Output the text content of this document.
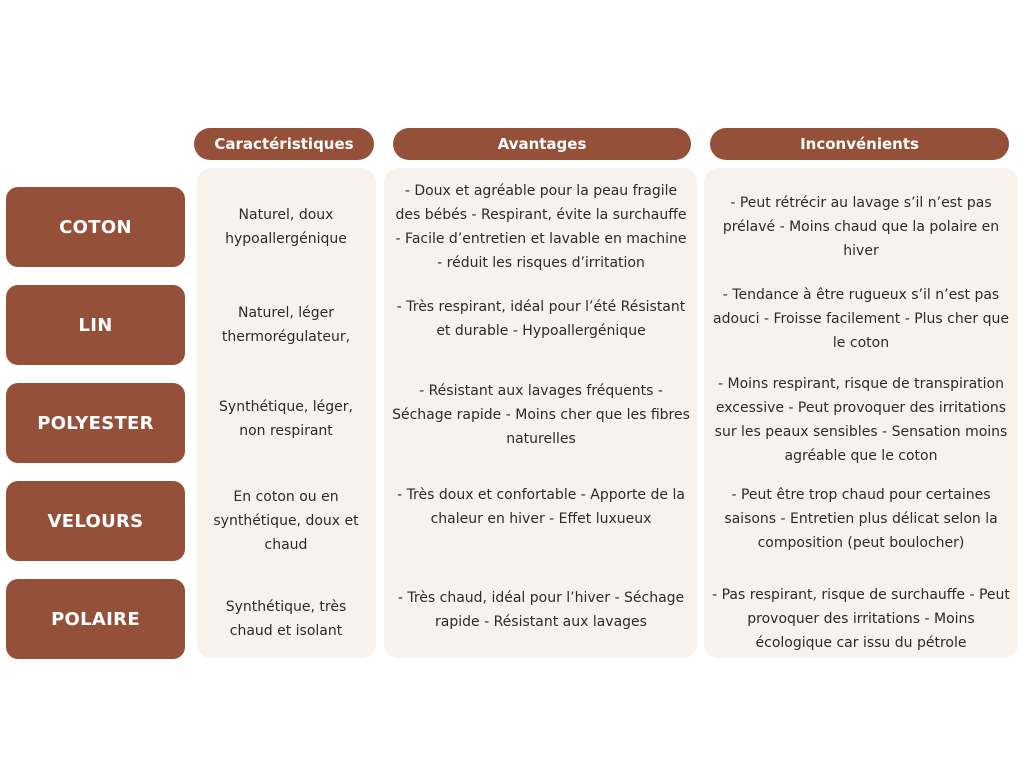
Caractéristiques	Avantages	Inconvénients
COTON
Naturel, doux hypoallergénique
- Doux et agréable pour la peau fragile des bébés - Respirant, évite la surchauffe - Facile d’entretien et lavable en machine - réduit les risques d’irritation
- Peut rétrécir au lavage s’il n’est pas prélavé - Moins chaud que la polaire en hiver
LIN
Naturel, léger thermorégulateur,
- Très respirant, idéal pour l’été Résistant et durable - Hypoallergénique
- Tendance à être rugueux s’il n’est pas adouci - Froisse facilement - Plus cher que le coton
POLYESTER
Synthétique, léger, non respirant
- Résistant aux lavages fréquents - Séchage rapide - Moins cher que les fibres naturelles
- Moins respirant, risque de transpiration excessive - Peut provoquer des irritations sur les peaux sensibles - Sensation moins agréable que le coton
VELOURS
En coton ou en synthétique, doux et chaud
- Très doux et confortable - Apporte de la chaleur en hiver - Effet luxueux
- Peut être trop chaud pour certaines saisons - Entretien plus délicat selon la composition (peut boulocher)
POLAIRE
Synthétique, très chaud et isolant
- Très chaud, idéal pour l’hiver - Séchage rapide - Résistant aux lavages
- Pas respirant, risque de surchauffe - Peut provoquer des irritations - Moins écologique car issu du pétrole
